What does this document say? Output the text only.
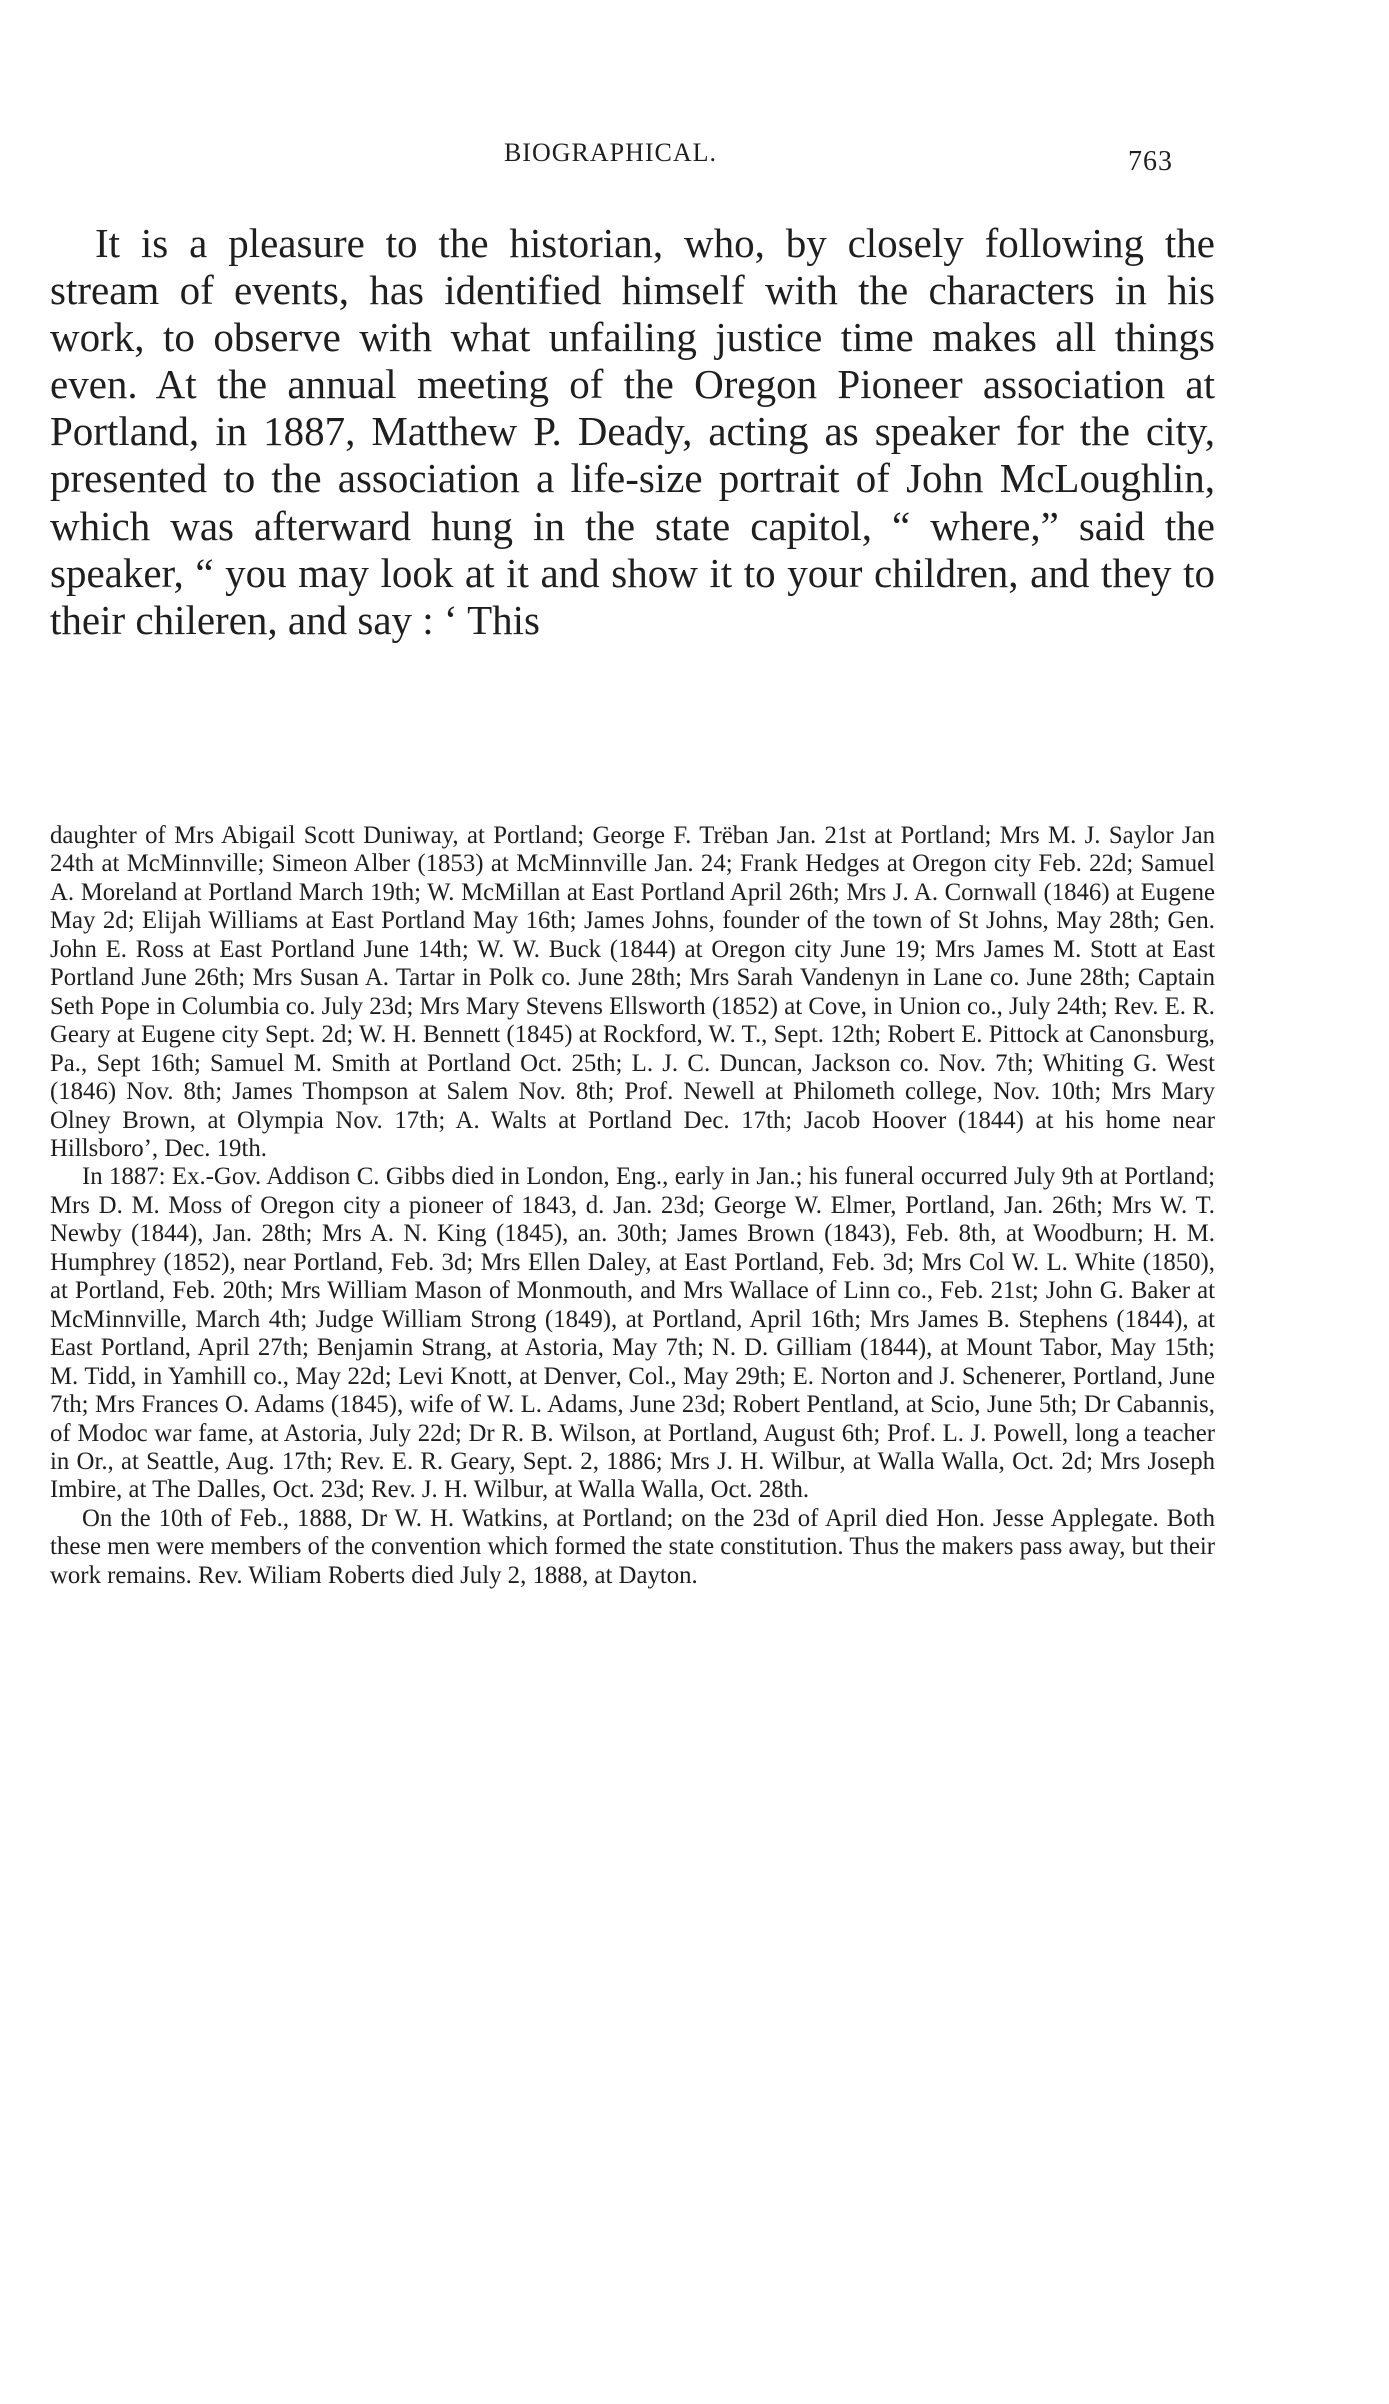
BIOGRAPHICAL.	763

It is a pleasure to the historian, who, by closely following the stream of events, has identified himself with the characters in his work, to observe with what unfailing justice time makes all things even. At the annual meeting of the Oregon Pioneer association at Portland, in 1887, Matthew P. Deady, acting as speaker for the city, presented to the association a life-size portrait of John McLoughlin, which was afterward hung in the state capitol, “ where,” said the speaker, “ you may look at it and show it to your children, and they to their chileren, and say : ‘ This

daughter of Mrs Abigail Scott Duniway, at Portland; George F. Trëban Jan. 21st at Portland; Mrs M. J. Saylor Jan 24th at McMinnville; Simeon Alber (1853) at McMinnville Jan. 24; Frank Hedges at Oregon city Feb. 22d; Samuel A. Moreland at Portland March 19th; W. McMillan at East Portland April 26th; Mrs J. A. Cornwall (1846) at Eugene May 2d; Elijah Williams at East Portland May 16th; James Johns, founder of the town of St Johns, May 28th; Gen. John E. Ross at East Portland June 14th; W. W. Buck (1844) at Oregon city June 19; Mrs James M. Stott at East Portland June 26th; Mrs Susan A. Tartar in Polk co. June 28th; Mrs Sarah Vandenyn in Lane co. June 28th; Captain Seth Pope in Columbia co. July 23d; Mrs Mary Stevens Ellsworth (1852) at Cove, in Union co., July 24th; Rev. E. R. Geary at Eugene city Sept. 2d; W. H. Bennett (1845) at Rockford, W. T., Sept. 12th; Robert E. Pittock at Canonsburg, Pa., Sept 16th; Samuel M. Smith at Portland Oct. 25th; L. J. C. Duncan, Jackson co. Nov. 7th; Whiting G. West (1846) Nov. 8th; James Thompson at Salem Nov. 8th; Prof. Newell at Philometh college, Nov. 10th; Mrs Mary Olney Brown, at Olympia Nov. 17th; A. Walts at Portland Dec. 17th; Jacob Hoover (1844) at his home near Hillsboro’, Dec. 19th.

In 1887: Ex.-Gov. Addison C. Gibbs died in London, Eng., early in Jan.; his funeral occurred July 9th at Portland; Mrs D. M. Moss of Oregon city a pioneer of 1843, d. Jan. 23d; George W. Elmer, Portland, Jan. 26th; Mrs W. T. Newby (1844), Jan. 28th; Mrs A. N. King (1845), an. 30th; James Brown (1843), Feb. 8th, at Woodburn; H. M. Humphrey (1852), near Portland, Feb. 3d; Mrs Ellen Daley, at East Portland, Feb. 3d; Mrs Col W. L. White (1850), at Portland, Feb. 20th; Mrs William Mason of Monmouth, and Mrs Wallace of Linn co., Feb. 21st; John G. Baker at McMinnville, March 4th; Judge William Strong (1849), at Portland, April 16th; Mrs James B. Stephens (1844), at East Portland, April 27th; Benjamin Strang, at Astoria, May 7th; N. D. Gilliam (1844), at Mount Tabor, May 15th; M. Tidd, in Yamhill co., May 22d; Levi Knott, at Denver, Col., May 29th; E. Norton and J. Schenerer, Portland, June 7th; Mrs Frances O. Adams (1845), wife of W. L. Adams, June 23d; Robert Pentland, at Scio, June 5th; Dr Cabannis, of Modoc war fame, at Astoria, July 22d; Dr R. B. Wilson, at Portland, August 6th; Prof. L. J. Powell, long a teacher in Or., at Seattle, Aug. 17th; Rev. E. R. Geary, Sept. 2, 1886; Mrs J. H. Wilbur, at Walla Walla, Oct. 2d; Mrs Joseph Imbire, at The Dalles, Oct. 23d; Rev. J. H. Wilbur, at Walla Walla, Oct. 28th.

On the 10th of Feb., 1888, Dr W. H. Watkins, at Portland; on the 23d of April died Hon. Jesse Applegate. Both these men were members of the convention which formed the state constitution. Thus the makers pass away, but their work remains. Rev. Wiliam Roberts died July 2, 1888, at Dayton.
